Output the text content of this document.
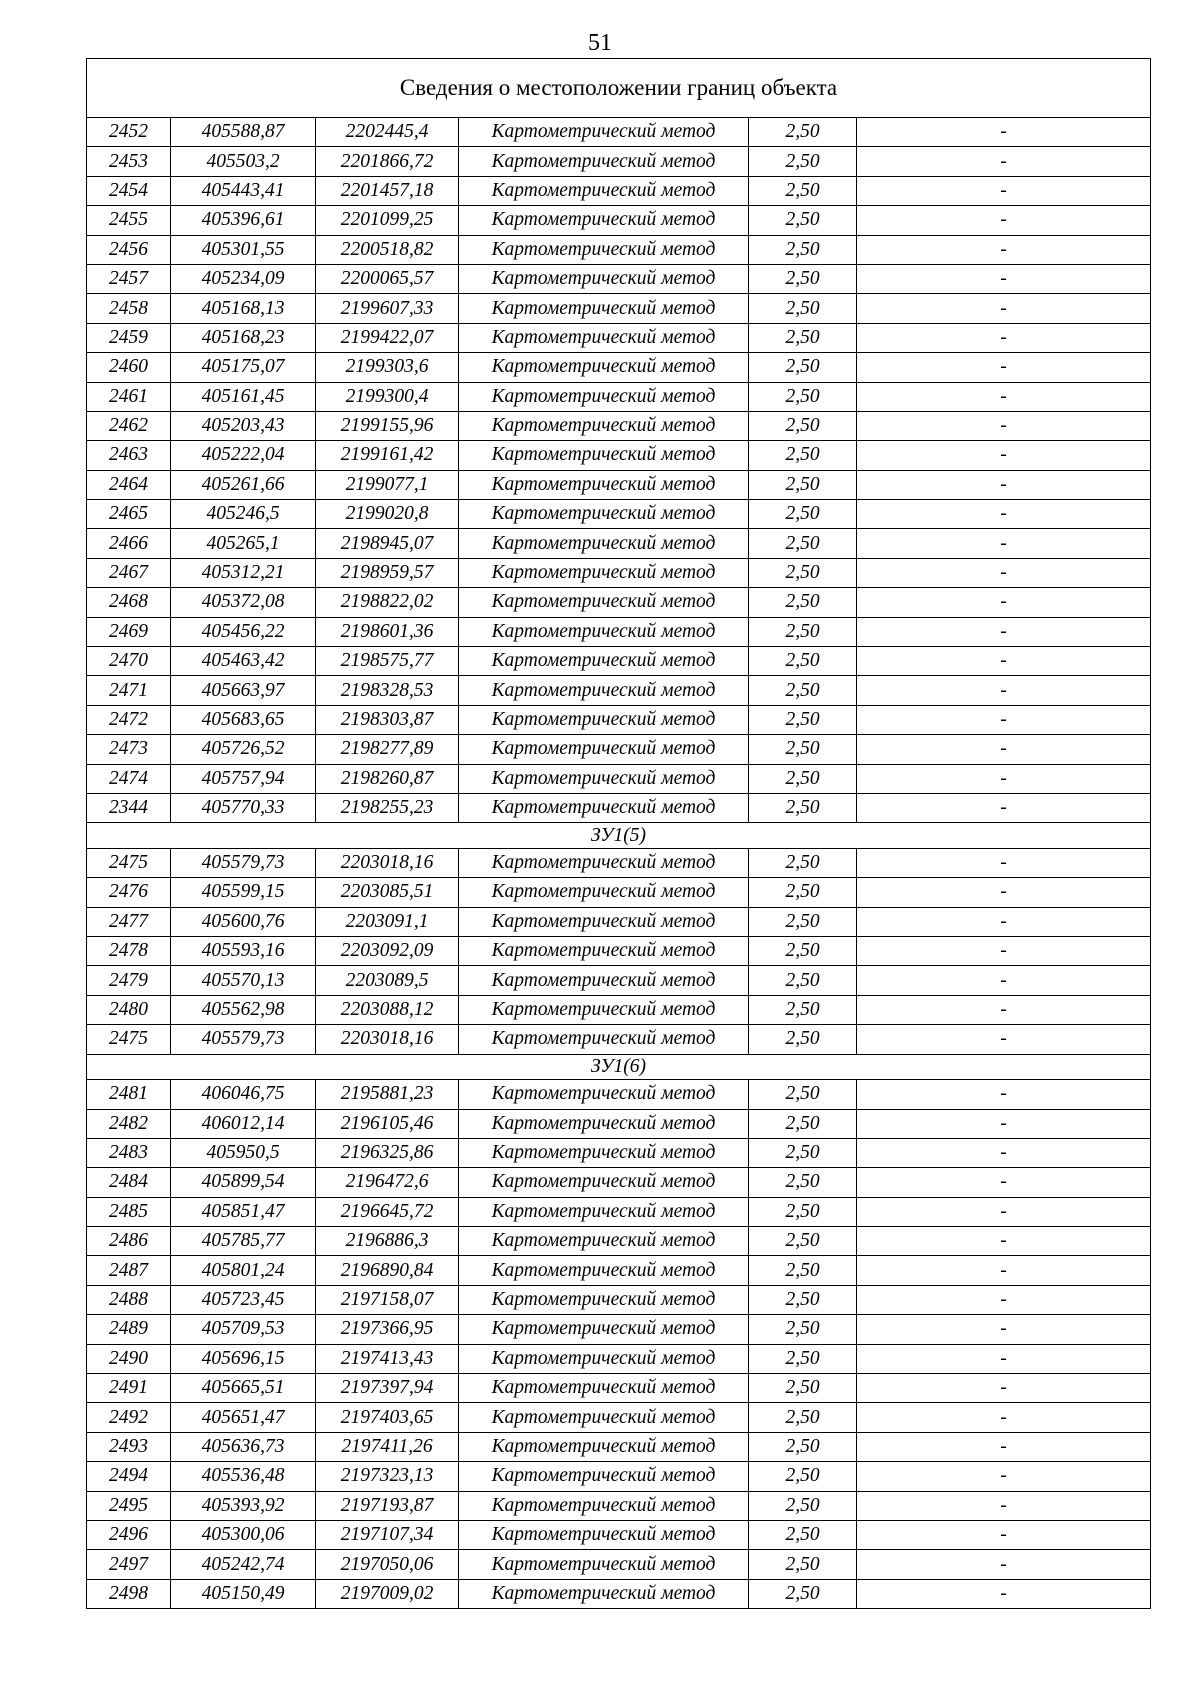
51
Сведения о местоположении границ объекта					
2452	405588,87	2202445,4	Картометрический метод	2,50	-
2453	405503,2	2201866,72	Картометрический метод	2,50	-
2454	405443,41	2201457,18	Картометрический метод	2,50	-
2455	405396,61	2201099,25	Картометрический метод	2,50	-
2456	405301,55	2200518,82	Картометрический метод	2,50	-
2457	405234,09	2200065,57	Картометрический метод	2,50	-
2458	405168,13	2199607,33	Картометрический метод	2,50	-
2459	405168,23	2199422,07	Картометрический метод	2,50	-
2460	405175,07	2199303,6	Картометрический метод	2,50	-
2461	405161,45	2199300,4	Картометрический метод	2,50	-
2462	405203,43	2199155,96	Картометрический метод	2,50	-
2463	405222,04	2199161,42	Картометрический метод	2,50	-
2464	405261,66	2199077,1	Картометрический метод	2,50	-
2465	405246,5	2199020,8	Картометрический метод	2,50	-
2466	405265,1	2198945,07	Картометрический метод	2,50	-
2467	405312,21	2198959,57	Картометрический метод	2,50	-
2468	405372,08	2198822,02	Картометрический метод	2,50	-
2469	405456,22	2198601,36	Картометрический метод	2,50	-
2470	405463,42	2198575,77	Картометрический метод	2,50	-
2471	405663,97	2198328,53	Картометрический метод	2,50	-
2472	405683,65	2198303,87	Картометрический метод	2,50	-
2473	405726,52	2198277,89	Картометрический метод	2,50	-
2474	405757,94	2198260,87	Картометрический метод	2,50	-
2344	405770,33	2198255,23	Картометрический метод	2,50	-
ЗУ1(5)					
2475	405579,73	2203018,16	Картометрический метод	2,50	-
2476	405599,15	2203085,51	Картометрический метод	2,50	-
2477	405600,76	2203091,1	Картометрический метод	2,50	-
2478	405593,16	2203092,09	Картометрический метод	2,50	-
2479	405570,13	2203089,5	Картометрический метод	2,50	-
2480	405562,98	2203088,12	Картометрический метод	2,50	-
2475	405579,73	2203018,16	Картометрический метод	2,50	-
ЗУ1(6)					
2481	406046,75	2195881,23	Картометрический метод	2,50	-
2482	406012,14	2196105,46	Картометрический метод	2,50	-
2483	405950,5	2196325,86	Картометрический метод	2,50	-
2484	405899,54	2196472,6	Картометрический метод	2,50	-
2485	405851,47	2196645,72	Картометрический метод	2,50	-
2486	405785,77	2196886,3	Картометрический метод	2,50	-
2487	405801,24	2196890,84	Картометрический метод	2,50	-
2488	405723,45	2197158,07	Картометрический метод	2,50	-
2489	405709,53	2197366,95	Картометрический метод	2,50	-
2490	405696,15	2197413,43	Картометрический метод	2,50	-
2491	405665,51	2197397,94	Картометрический метод	2,50	-
2492	405651,47	2197403,65	Картометрический метод	2,50	-
2493	405636,73	2197411,26	Картометрический метод	2,50	-
2494	405536,48	2197323,13	Картометрический метод	2,50	-
2495	405393,92	2197193,87	Картометрический метод	2,50	-
2496	405300,06	2197107,34	Картометрический метод	2,50	-
2497	405242,74	2197050,06	Картометрический метод	2,50	-
2498	405150,49	2197009,02	Картометрический метод	2,50	-
